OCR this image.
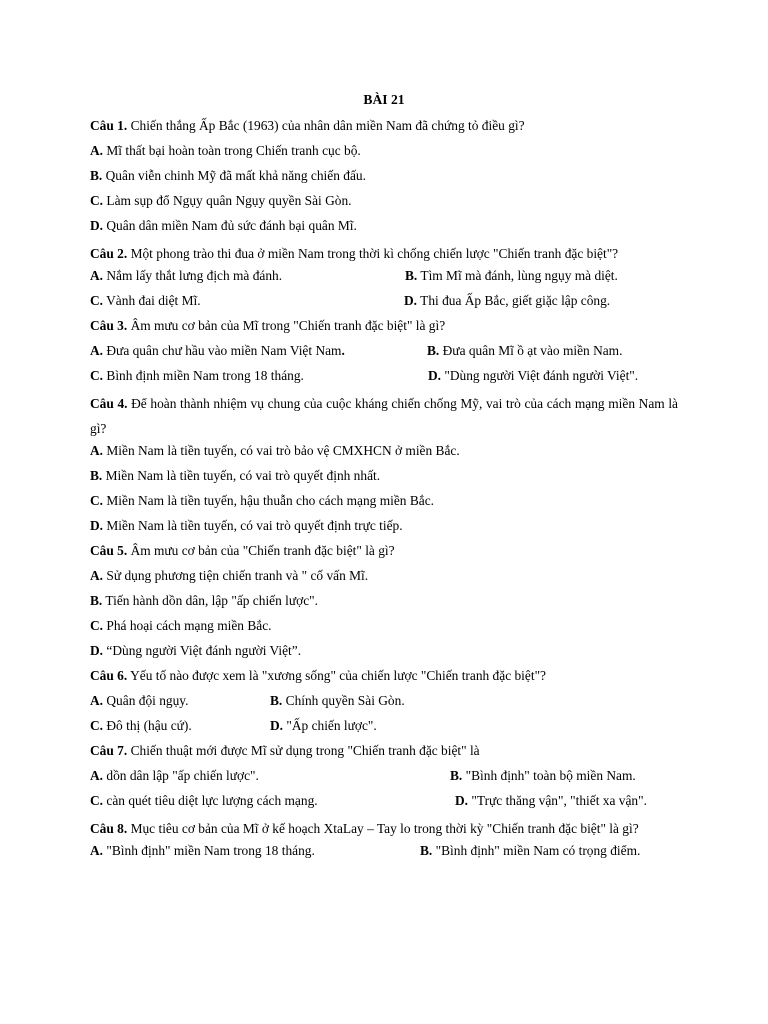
BÀI 21
Câu 1. Chiến thắng Ấp Bắc (1963) của nhân dân miền Nam đã chứng tỏ điều gì?
A. Mĩ thất bại hoàn toàn trong Chiến tranh cục bộ.
B. Quân viễn chinh Mỹ đã mất khả năng chiến đấu.
C. Làm sụp đổ Ngụy quân Ngụy quyền Sài Gòn.
D. Quân dân miền Nam đủ sức đánh bại quân Mĩ.
Câu 2. Một phong trào thi đua ở miền Nam trong thời kì chống chiến lược "Chiến tranh đặc biệt"?
A. Nắm lấy thắt lưng địch mà đánh.	B. Tìm Mĩ mà đánh, lùng ngụy mà diệt.
C. Vành đai diệt Mĩ.	D. Thi đua Ấp Bắc, giết giặc lập công.
Câu 3. Âm mưu cơ bản của Mĩ trong "Chiến tranh đặc biệt" là gì?
A. Đưa quân chư hầu vào miền Nam Việt Nam.	B. Đưa quân Mĩ ồ ạt vào miền Nam.
C. Bình định miền Nam trong 18 tháng.	D. "Dùng người Việt đánh người Việt".
Câu 4. Để hoàn thành nhiệm vụ chung của cuộc kháng chiến chống Mỹ, vai trò của cách mạng miền Nam là gì?
A. Miền Nam là tiền tuyến, có vai trò bảo vệ CMXHCN ở miền Bắc.
B. Miền Nam là tiền tuyến, có vai trò quyết định nhất.
C. Miền Nam là tiền tuyến, hậu thuẫn cho cách mạng miền Bắc.
D. Miền Nam là tiền tuyến, có vai trò quyết định trực tiếp.
Câu 5. Âm mưu cơ bản của "Chiến tranh đặc biệt" là gì?
A. Sử dụng phương tiện chiến tranh và " cố vấn Mĩ.
B. Tiến hành dồn dân, lập "ấp chiến lược".
C. Phá hoại cách mạng miền Bắc.
D. “Dùng người Việt đánh người Việt”.
Câu 6. Yếu tố nào được xem là "xương sống" của chiến lược "Chiến tranh đặc biệt"?
A. Quân đội ngụy.	B. Chính quyền Sài Gòn.
C. Đô thị (hậu cứ).	D. "Ấp chiến lược".
Câu 7. Chiến thuật mới được Mĩ sử dụng trong "Chiến tranh đặc biệt" là
A. dồn dân lập "ấp chiến lược".	B. "Bình định" toàn bộ miền Nam.
C. càn quét tiêu diệt lực lượng cách mạng.	D. "Trực thăng vận", "thiết xa vận".
Câu 8. Mục tiêu cơ bản của Mĩ ở kế hoạch XtaLay – Tay lo trong thời kỳ "Chiến tranh đặc biệt" là gì?
A. "Bình định" miền Nam trong 18 tháng.	B. "Bình định" miền Nam có trọng điểm.
